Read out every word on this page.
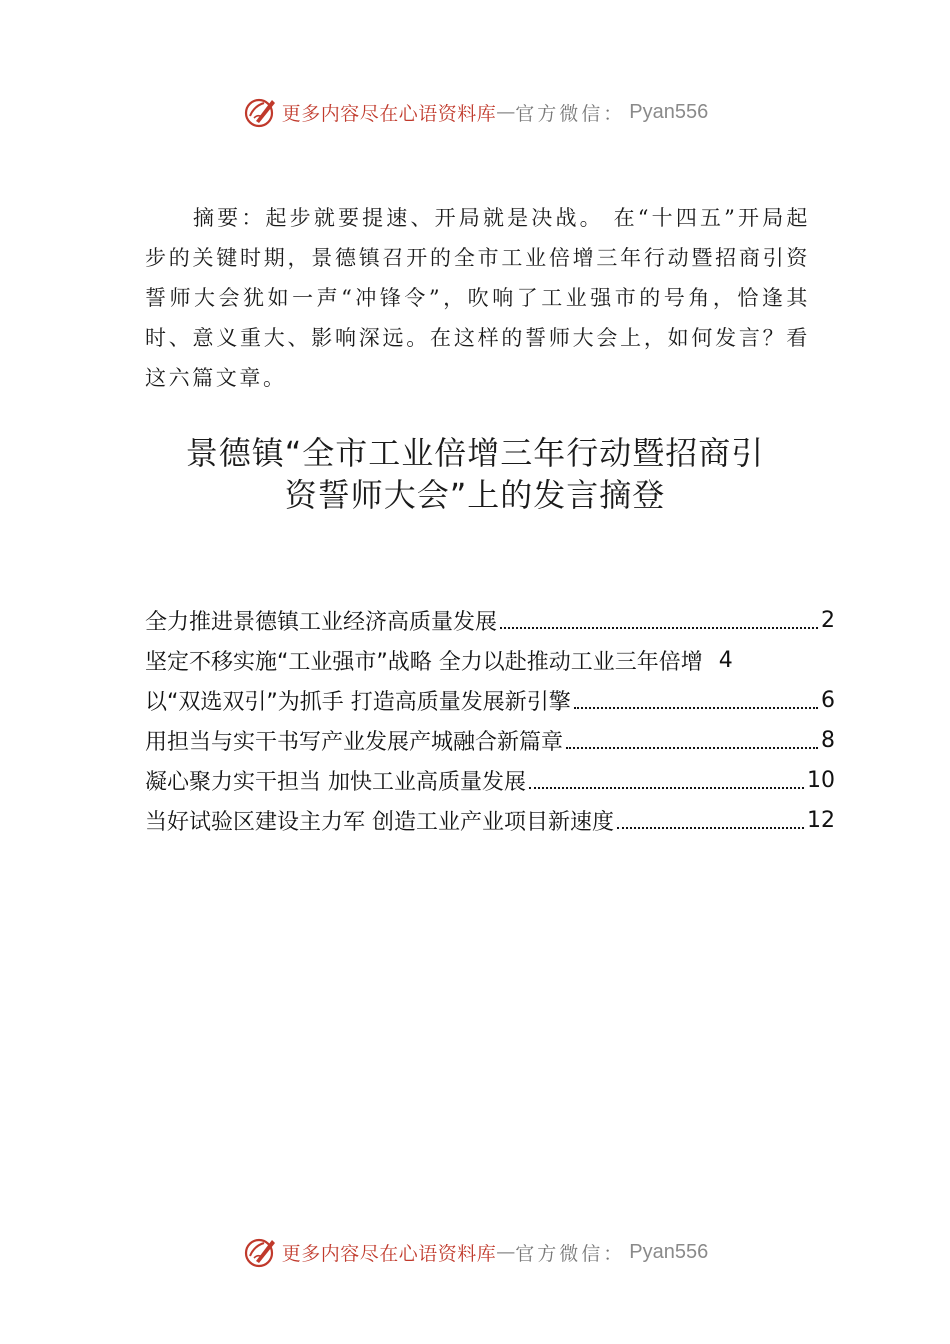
更多内容尽在心语资料库 — 官方微信： Pyan556

摘要：起步就要提速、开局就是决战。 在“十四五”开局起步的关键时期，景德镇召开的全市工业倍增三年行动暨招商引资誓师大会犹如一声“冲锋令”，吹响了工业强市的号角，恰逢其时、意义重大、影响深远。在这样的誓师大会上，如何发言？看这六篇文章。

景德镇“全市工业倍增三年行动暨招商引
资誓师大会”上的发言摘登
全力推进景德镇工业经济高质量发展	2
坚定不移实施“工业强市”战略 全力以赴推动工业三年倍增 4
以“双选双引”为抓手 打造高质量发展新引擎	6
用担当与实干书写产业发展产城融合新篇章	8
凝心聚力实干担当 加快工业高质量发展	10
当好试验区建设主力军 创造工业产业项目新速度	12
更多内容尽在心语资料库 — 官方微信： Pyan556
